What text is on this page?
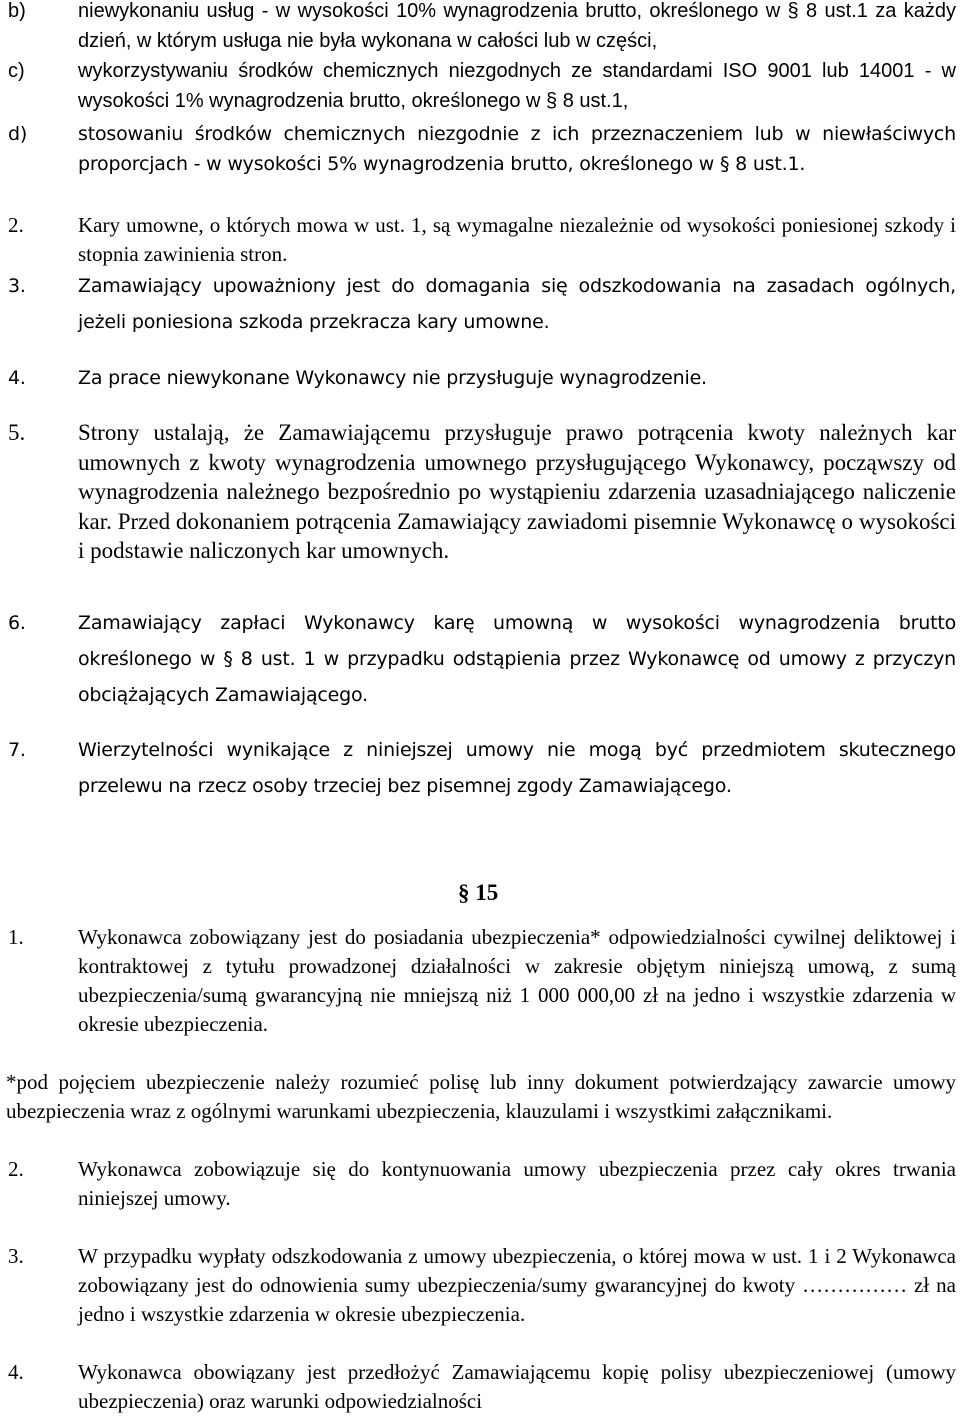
b)	niewykonaniu usług - w wysokości 10% wynagrodzenia brutto, określonego w § 8 ust.1 za każdy dzień, w którym usługa nie była wykonana w całości lub w części,
c)	wykorzystywaniu środków chemicznych niezgodnych ze standardami ISO 9001 lub 14001 - w wysokości 1% wynagrodzenia brutto, określonego w § 8 ust.1,
d)	stosowaniu środków chemicznych niezgodnie z ich przeznaczeniem lub w niewłaściwych proporcjach - w wysokości 5% wynagrodzenia brutto, określonego w § 8 ust.1.
2.	Kary umowne, o których mowa w ust. 1, są wymagalne niezależnie od wysokości poniesionej szkody i stopnia zawinienia stron.
3.	Zamawiający upoważniony jest do domagania się odszkodowania na zasadach ogólnych, jeżeli poniesiona szkoda przekracza kary umowne.
4.	Za prace niewykonane Wykonawcy nie przysługuje wynagrodzenie.
5. Strony ustalają, że Zamawiającemu przysługuje prawo potrącenia kwoty należnych kar umownych z kwoty wynagrodzenia umownego przysługującego Wykonawcy, począwszy od wynagrodzenia należnego bezpośrednio po wystąpieniu zdarzenia uzasadniającego naliczenie kar. Przed dokonaniem potrącenia Zamawiający zawiadomi pisemnie Wykonawcę o wysokości i podstawie naliczonych kar umownych.
6.	Zamawiający zapłaci Wykonawcy karę umowną w wysokości wynagrodzenia brutto określonego w § 8 ust. 1 w przypadku odstąpienia przez Wykonawcę od umowy z przyczyn obciążających Zamawiającego.
7.	Wierzytelności wynikające z niniejszej umowy nie mogą być przedmiotem skutecznego przelewu na rzecz osoby trzeciej bez pisemnej zgody Zamawiającego.
§ 15
1.	Wykonawca zobowiązany jest do posiadania ubezpieczenia* odpowiedzialności cywilnej deliktowej i kontraktowej z tytułu prowadzonej działalności w zakresie objętym niniejszą umową, z sumą ubezpieczenia/sumą gwarancyjną nie mniejszą niż 1 000 000,00 zł na jedno i wszystkie zdarzenia w okresie ubezpieczenia.
*pod pojęciem ubezpieczenie należy rozumieć polisę lub inny dokument potwierdzający zawarcie umowy ubezpieczenia wraz z ogólnymi warunkami ubezpieczenia, klauzulami i wszystkimi załącznikami.
2.	Wykonawca zobowiązuje się do kontynuowania umowy ubezpieczenia przez cały okres trwania niniejszej umowy.
3.	W przypadku wypłaty odszkodowania z umowy ubezpieczenia, o której mowa w ust. 1 i 2 Wykonawca zobowiązany jest do odnowienia sumy ubezpieczenia/sumy gwarancyjnej do kwoty …………… zł na jedno i wszystkie zdarzenia w okresie ubezpieczenia.
4.	Wykonawca obowiązany jest przedłożyć Zamawiającemu kopię polisy ubezpieczeniowej (umowy ubezpieczenia) oraz warunki odpowiedzialności
